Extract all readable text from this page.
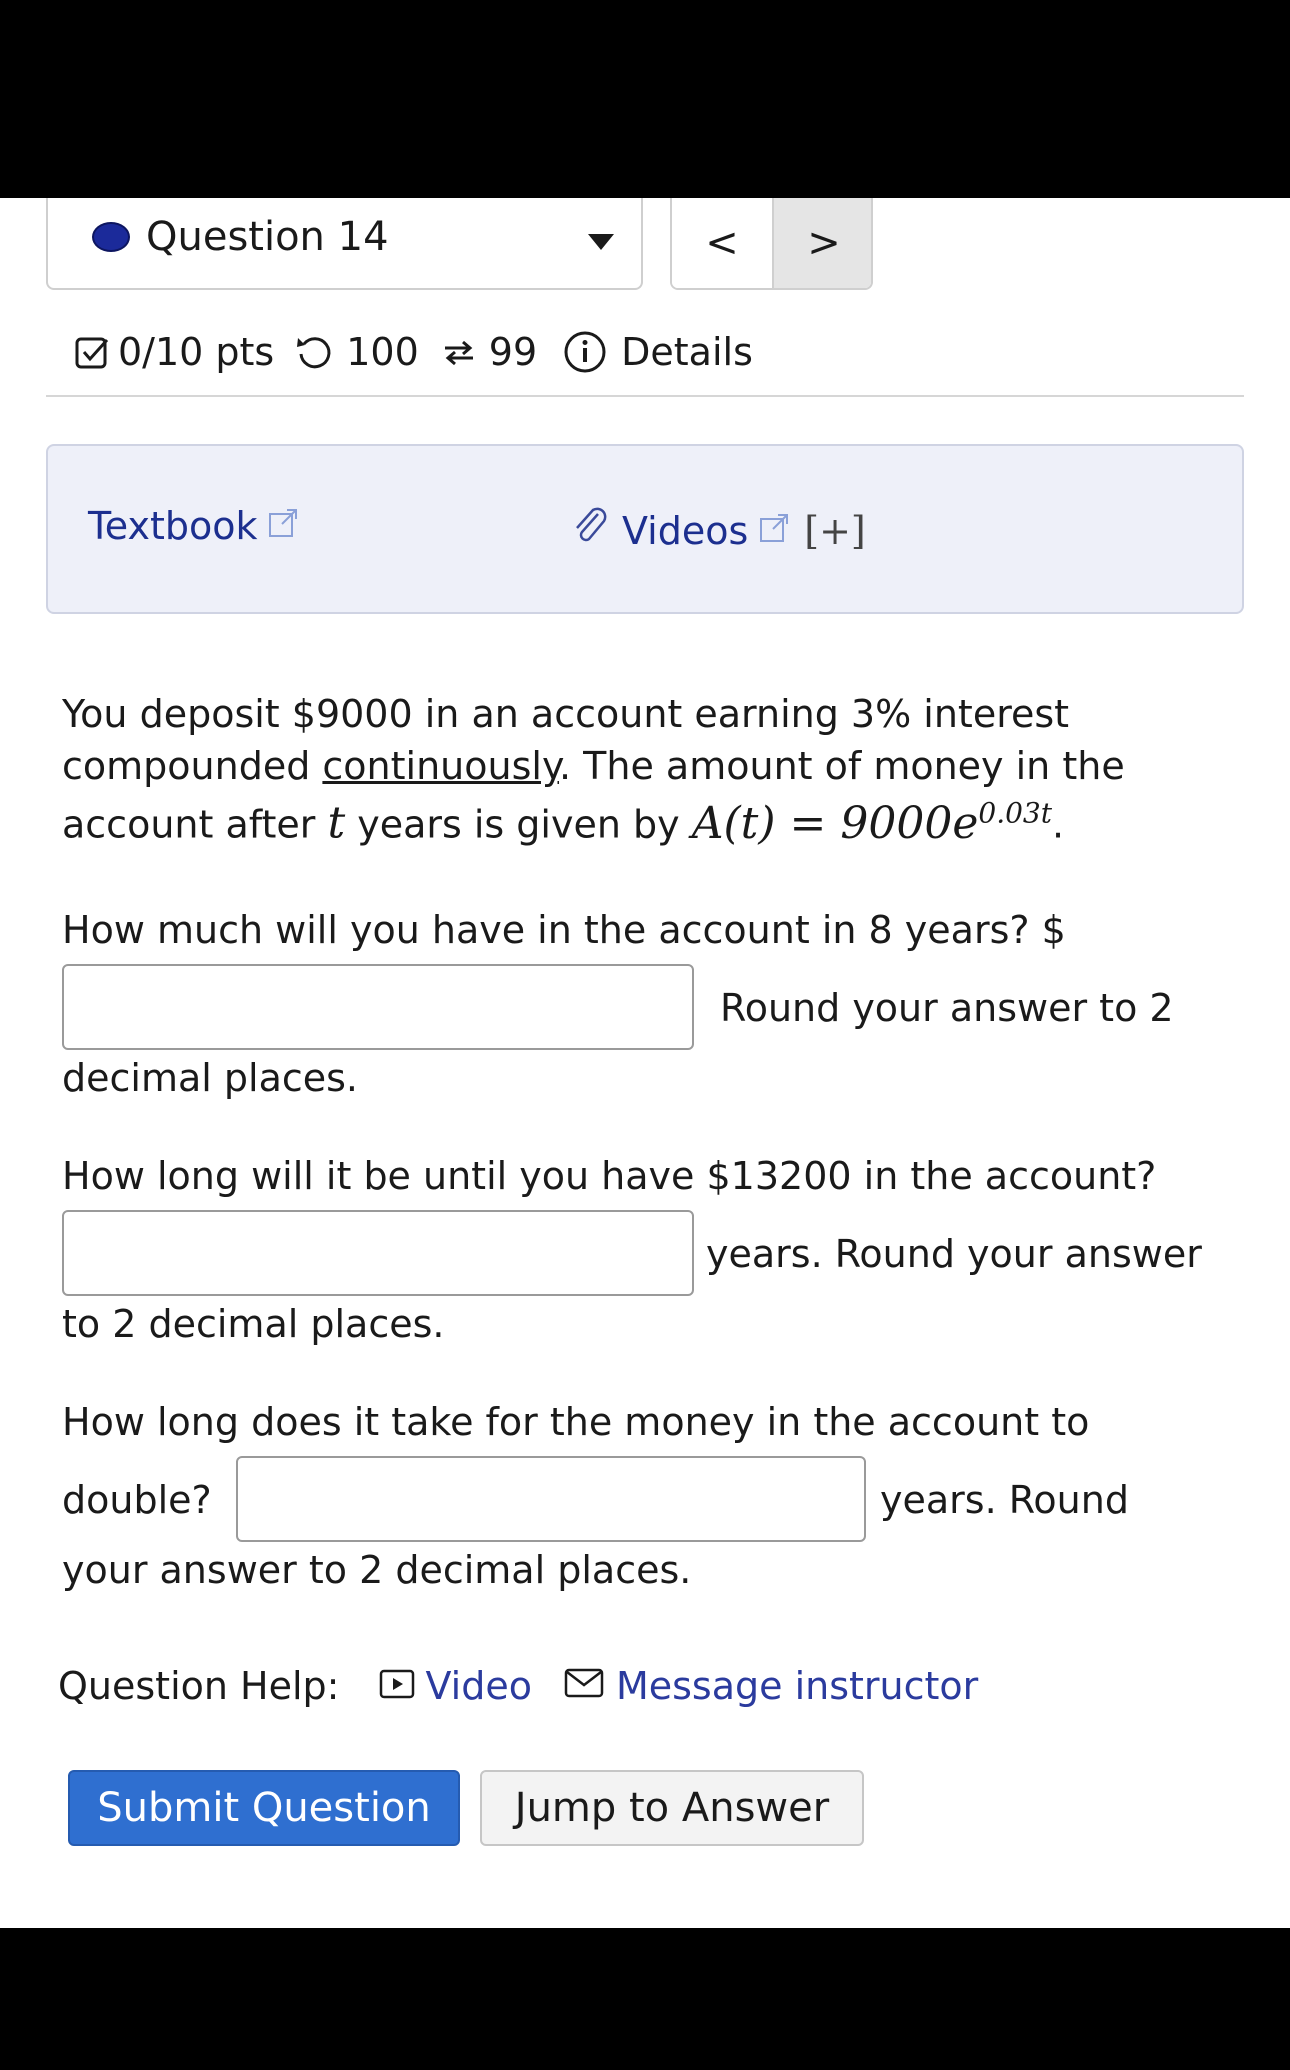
Question 14	<	>
0/10 pts 100 99 Details
Textbook	Videos [+]
You deposit $9000 in an account earning 3% interest
compounded continuously. The amount of money in the
account after t years is given by $A(t) = 9000e^{0.03t}$.
How much will you have in the account in 8 years? $
Round your answer to 2
decimal places.
How long will it be until you have $13200 in the account?
years. Round your answer
to 2 decimal places.
How long does it take for the money in the account to
double?	years. Round
your answer to 2 decimal places.
Question Help: Video Message instructor
Submit Question	Jump to Answer
